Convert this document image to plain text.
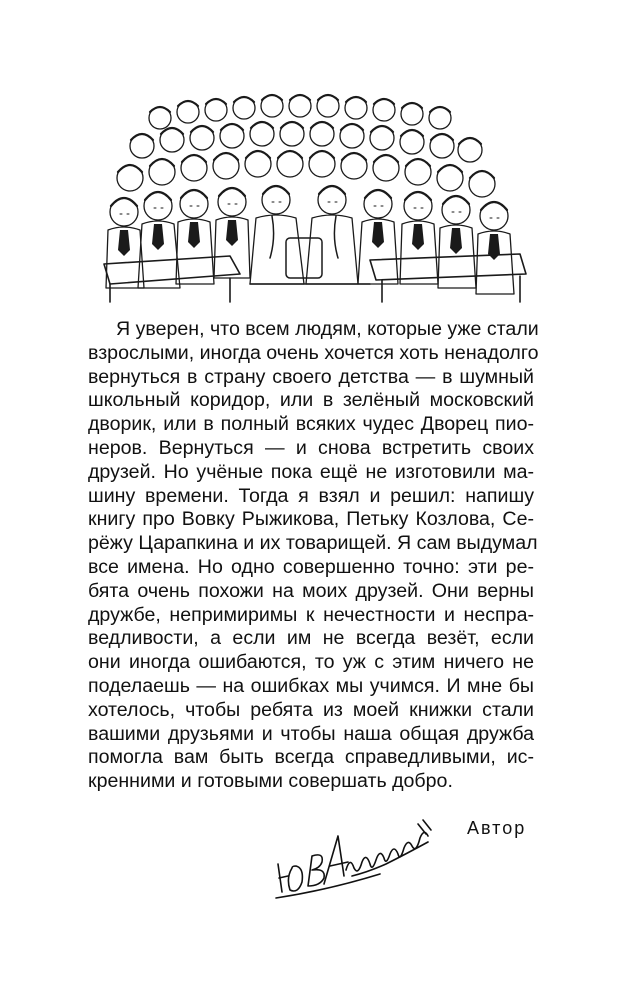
Я уверен, что всем людям, которые уже стали
взрослыми, иногда очень хочется хоть ненадолго
вернуться в страну своего детства — в шумный
школьный коридор, или в зелёный московский
дворик, или в полный всяких чудес Дворец пио-
неров. Вернуться — и снова встретить своих
друзей. Но учёные пока ещё не изготовили ма-
шину времени. Тогда я взял и решил: напишу
книгу про Вовку Рыжикова, Петьку Козлова, Се-
рёжу Царапкина и их товарищей. Я сам выдумал
все имена. Но одно совершенно точно: эти ре-
бята очень похожи на моих друзей. Они верны
дружбе, непримиримы к нечестности и неспра-
ведливости, а если им не всегда везёт, если
они иногда ошибаются, то уж с этим ничего не
поделаешь — на ошибках мы учимся. И мне бы
хотелось, чтобы ребята из моей книжки стали
вашими друзьями и чтобы наша общая дружба
помогла вам быть всегда справедливыми, ис-
кренними и готовыми совершать добро.
Автор
